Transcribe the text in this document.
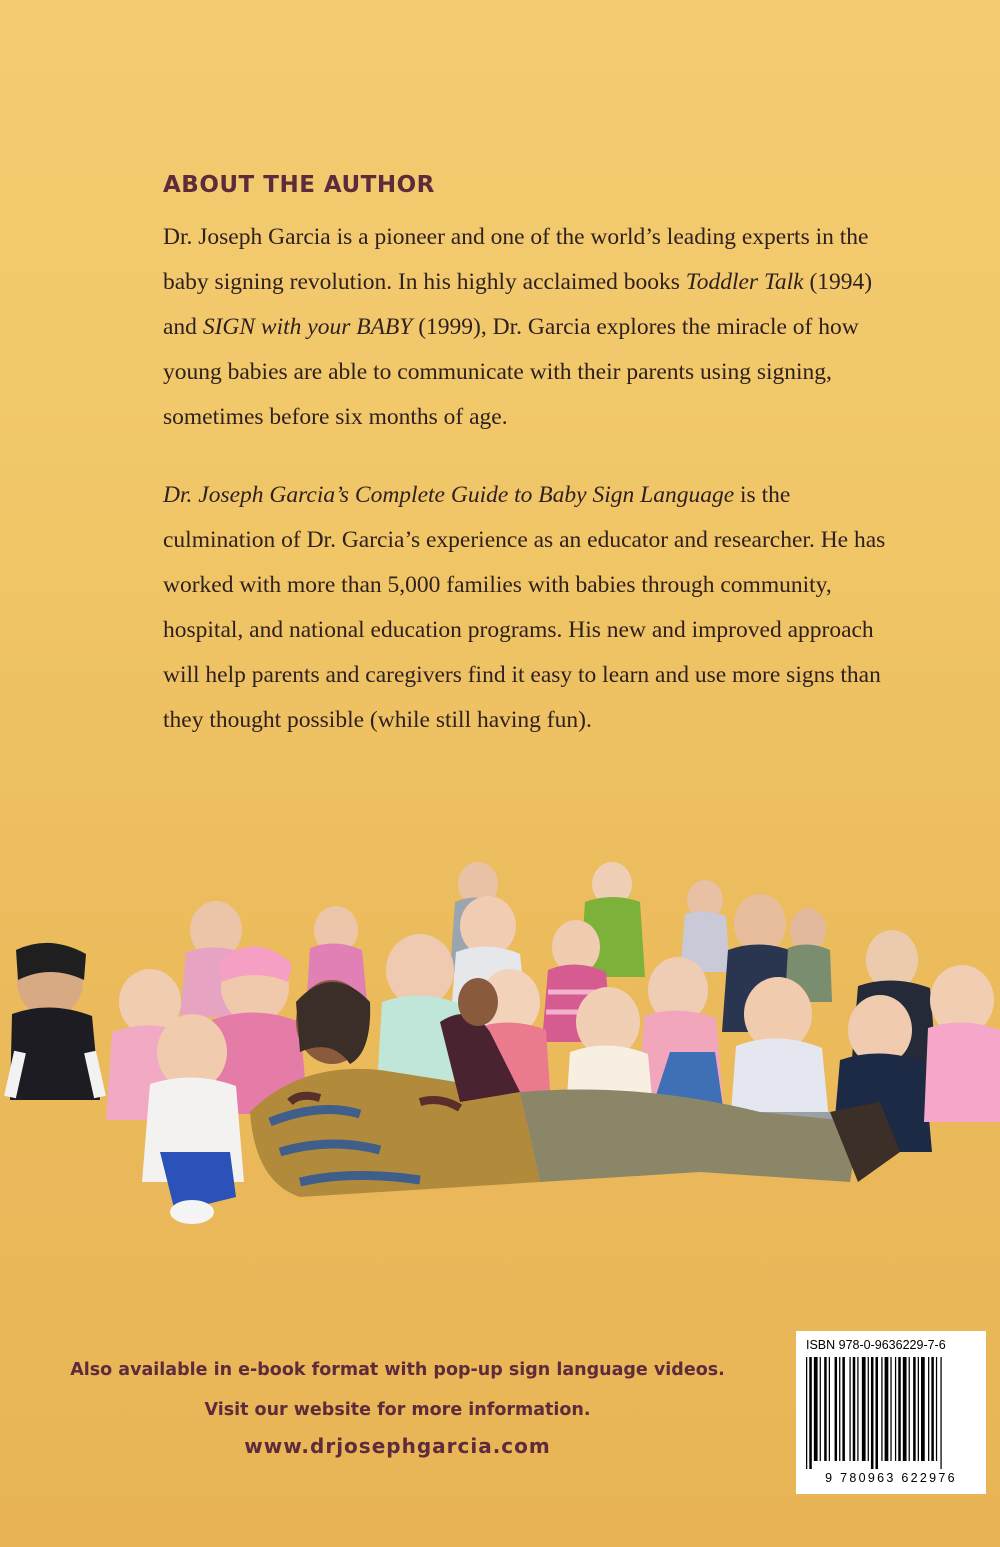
ABOUT THE AUTHOR

Dr. Joseph Garcia is a pioneer and one of the world’s leading experts in the baby signing revolution. In his highly acclaimed books Toddler Talk (1994) and SIGN with your BABY (1999), Dr. Garcia explores the miracle of how young babies are able to communicate with their parents using signing, sometimes before six months of age.

Dr. Joseph Garcia’s Complete Guide to Baby Sign Language is the culmination of Dr. Garcia’s experience as an educator and researcher. He has worked with more than 5,000 families with babies through community, hospital, and national education programs. His new and improved approach will help parents and caregivers find it easy to learn and use more signs than they thought possible (while still having fun).

Also available in e-book format with pop-up sign language videos.

Visit our website for more information.

www.drjosephgarcia.com

ISBN 978-0-9636229-7-6

9 780963 622976
